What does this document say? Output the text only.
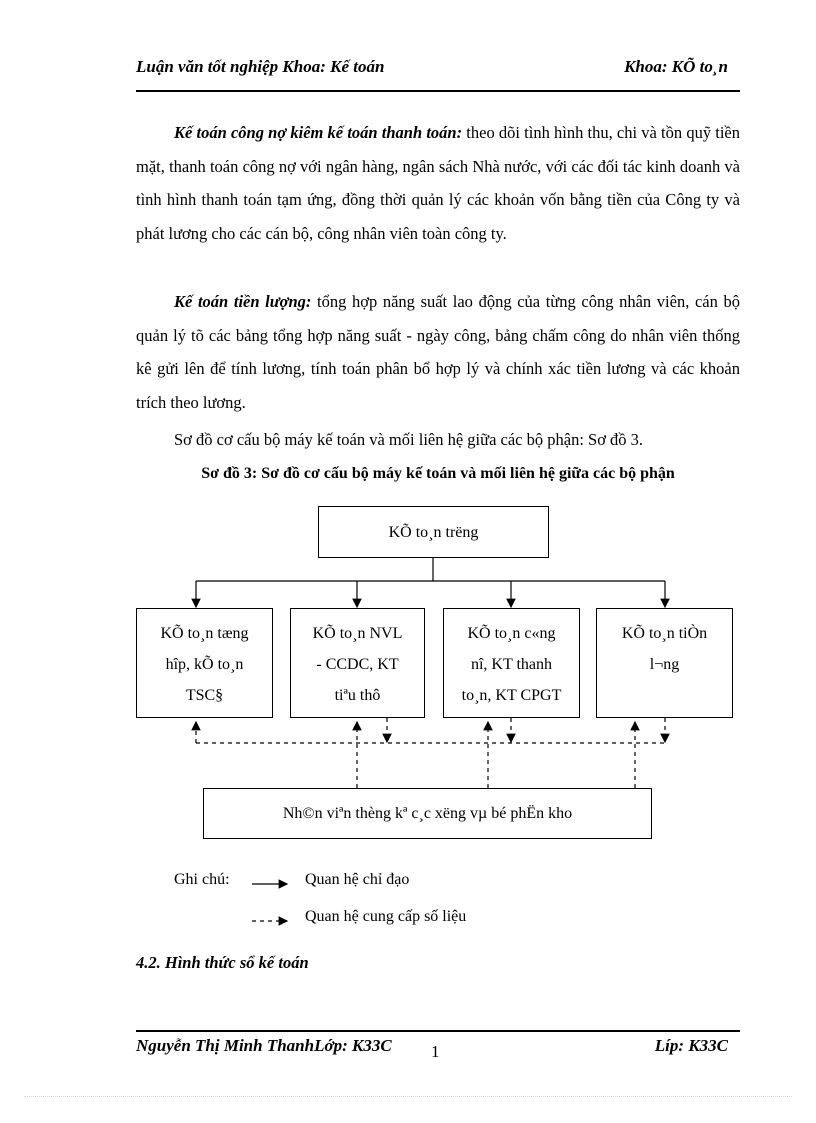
Luận văn tốt nghiệp Khoa: Kế toán	Khoa: KÕ to¸n

Kế toán công nợ kiêm kế toán thanh toán: theo dõi tình hình thu, chi và tồn quỹ tiền mặt, thanh toán công nợ với ngân hàng, ngân sách Nhà nước, với các đối tác kinh doanh và tình hình thanh toán tạm ứng, đồng thời quản lý các khoản vốn bằng tiền của Công ty và phát lương cho các cán bộ, công nhân viên toàn công ty.

Kế toán tiền lượng: tổng hợp năng suất lao động của từng công nhân viên, cán bộ quản lý tõ các bảng tổng hợp năng suất - ngày công, bảng chấm công do nhân viên thống kê gửi lên để tính lương, tính toán phân bổ hợp lý và chính xác tiền lương và các khoản trích theo lương.

Sơ đồ cơ cấu bộ máy kế toán và mối liên hệ giữa các bộ phận: Sơ đồ 3.

Sơ đồ 3: Sơ đồ cơ cấu bộ máy kế toán và mối liên hệ giữa các bộ phận
KÕ to¸n trëng
KÕ to¸n tæng
hîp, kÕ to¸n
TSC§
KÕ to¸n NVL
- CCDC, KT
tiªu thô
KÕ to¸n c«ng
nî, KT thanh
to¸n, KT CPGT
KÕ to¸n tiÒn
l¬ng
Nh©n viªn thèng kª c¸c xëng vµ bé phËn kho
Ghi chú:	Quan hệ chỉ đạo
Quan hệ cung cấp số liệu
4.2. Hình thức sổ kế toán
Nguyễn Thị Minh ThanhLớp: K33C 1	Líp: K33C
